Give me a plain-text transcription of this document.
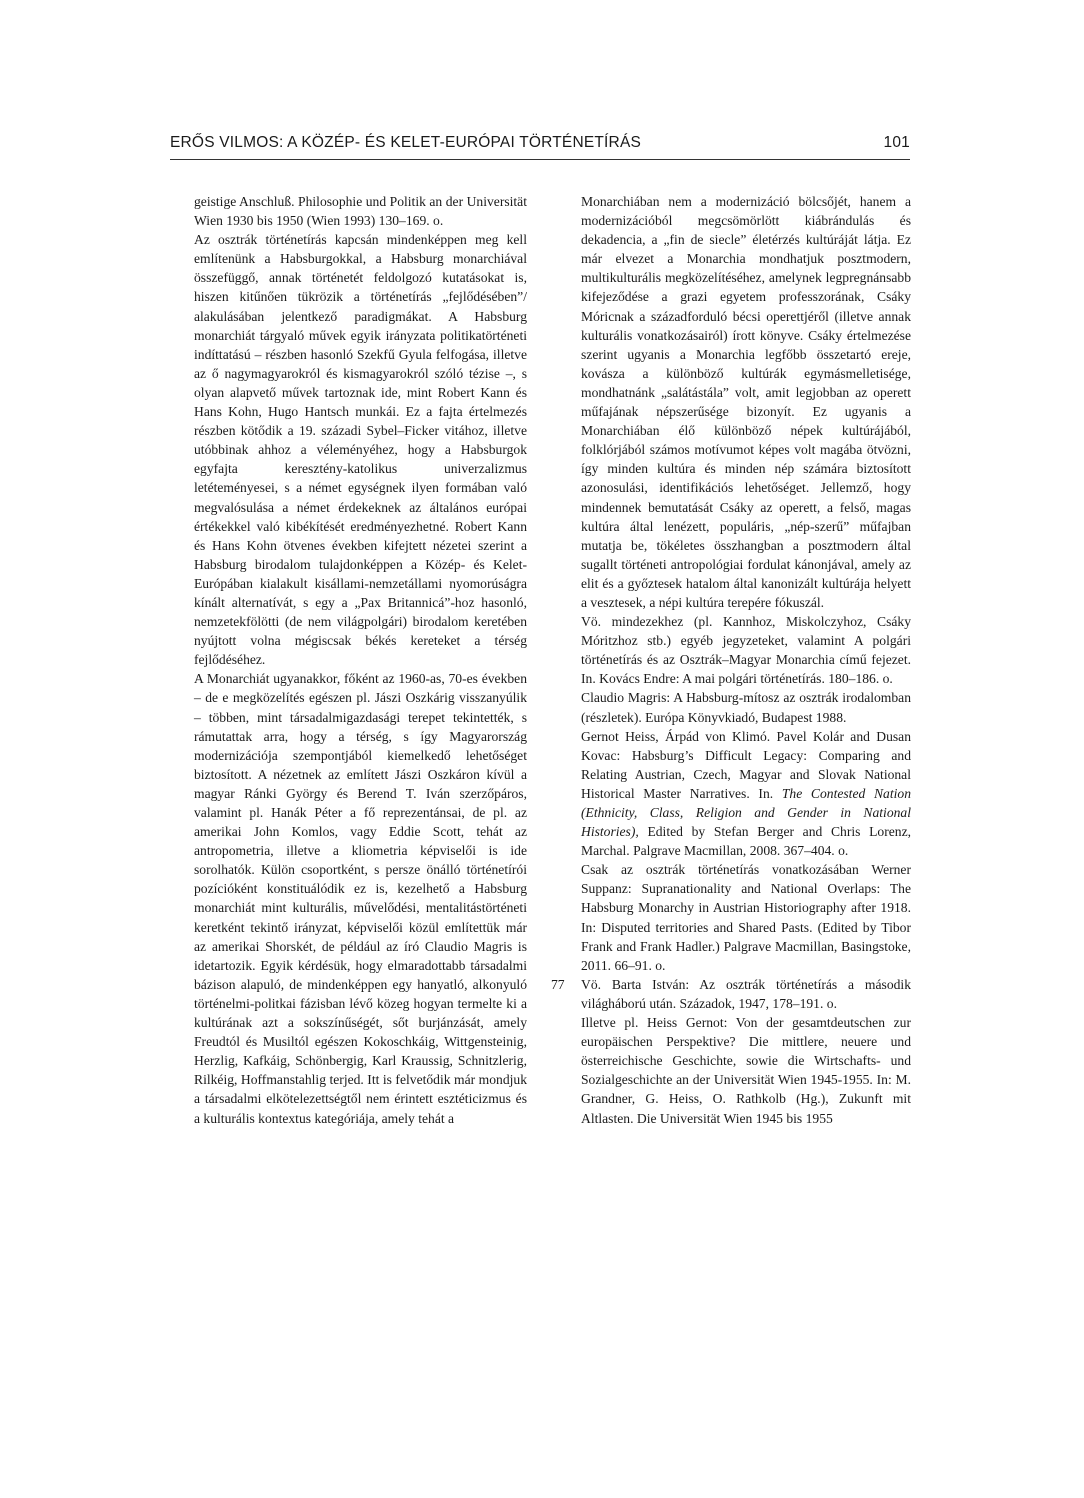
ERŐS VILMOS: A KÖZÉP- ÉS KELET-EURÓPAI TÖRTÉNETÍRÁS	101

geistige Anschluß. Philosophie und Politik an der Universität Wien 1930 bis 1950 (Wien 1993) 130–169. o.

Az osztrák történetírás kapcsán mindenképpen meg kell említenünk a Habsburgokkal, a Habsburg monarchiával összefüggő, annak történetét feldolgozó kutatásokat is, hiszen kitűnően tükrözik a történetírás „fejlődésében”/ alakulásában jelentkező paradigmákat. A Habsburg monarchiát tárgyaló művek egyik irányzata politikatörténeti indíttatású – részben hasonló Szekfű Gyula felfogása, illetve az ő nagymagyarokról és kismagyarokról szóló tézise –, s olyan alapvető művek tartoznak ide, mint Robert Kann és Hans Kohn, Hugo Hantsch munkái. Ez a fajta értelmezés részben kötődik a 19. századi Sybel–Ficker vitához, illetve utóbbinak ahhoz a véleményéhez, hogy a Habsburgok egyfajta keresztény-katolikus univerzalizmus letéteményesei, s a német egységnek ilyen formában való megvalósulása a német érdekeknek az általános európai értékekkel való kibékítését eredményezhetné. Robert Kann és Hans Kohn ötvenes években kifejtett nézetei szerint a Habsburg birodalom tulajdonképpen a Közép- és Kelet-Európában kialakult kisállami-nemzetállami nyomorúságra kínált alternatívát, s egy a „Pax Britannicá”-hoz hasonló, nemzetekfölötti (de nem világpolgári) birodalom keretében nyújtott volna mégiscsak békés kereteket a térség fejlődéséhez.

A Monarchiát ugyanakkor, főként az 1960-as, 70-es években – de e megközelítés egészen pl. Jászi Oszkárig visszanyúlik – többen, mint társadalmigazdasági terepet tekintették, s rámutattak arra, hogy a térség, s így Magyarország modernizációja szempontjából kiemelkedő lehetőséget biztosított. A nézetnek az említett Jászi Oszkáron kívül a magyar Ránki György és Berend T. Iván szerzőpáros, valamint pl. Hanák Péter a fő reprezentánsai, de pl. az amerikai John Komlos, vagy Eddie Scott, tehát az antropometria, illetve a kliometria képviselői is ide sorolhatók. Külön csoportként, s persze önálló történetírói pozícióként konstituálódik ez is, kezelhető a Habsburg monarchiát mint kulturális, művelődési, mentalitástörténeti keretként tekintő irányzat, képviselői közül említettük már az amerikai Shorskét, de például az író Claudio Magris is idetartozik. Egyik kérdésük, hogy elmaradottabb társadalmi bázison alapuló, de mindenképpen egy hanyatló, alkonyuló történelmi-politkai fázisban lévő közeg hogyan termelte ki a kultúrának azt a sokszínűségét, sőt burjánzását, amely Freudtól és Musiltól egészen Kokoschkáig, Wittgensteinig, Herzlig, Kafkáig, Schönbergig, Karl Kraussig, Schnitzlerig, Rilkéig, Hoffmanstahlig terjed. Itt is felvetődik már mondjuk a társadalmi elkötelezettségtől nem érintett esztéticizmus és a kulturális kontextus kategóriája, amely tehát a

Monarchiában nem a modernizáció bölcsőjét, hanem a modernizációból megcsömörlött kiábrándulás és dekadencia, a „fin de siecle” életérzés kultúráját látja. Ez már elvezet a Monarchia mondhatjuk posztmodern, multikulturális megközelítéséhez, amelynek legpregnánsabb kifejeződése a grazi egyetem professzorának, Csáky Móricnak a századforduló bécsi operettjéről (illetve annak kulturális vonatkozásairól) írott könyve. Csáky értelmezése szerint ugyanis a Monarchia legfőbb összetartó ereje, kovásza a különböző kultúrák egymásmelletisége, mondhatnánk „salátástála” volt, amit legjobban az operett műfajának népszerűsége bizonyít. Ez ugyanis a Monarchiában élő különböző népek kultúrájából, folklórjából számos motívumot képes volt magába ötvözni, így minden kultúra és minden nép számára biztosított azonosulási, identifikációs lehetőséget. Jellemző, hogy mindennek bemutatását Csáky az operett, a felső, magas kultúra által lenézett, populáris, „nép-szerű” műfajban mutatja be, tökéletes összhangban a posztmodern által sugallt történeti antropológiai fordulat kánonjával, amely az elit és a győztesek hatalom által kanonizált kultúrája helyett a vesztesek, a népi kultúra terepére fókuszál.

Vö. mindezekhez (pl. Kannhoz, Miskolczyhoz, Csáky Móritzhoz stb.) egyéb jegyzeteket, valamint A polgári történetírás és az Osztrák–Magyar Monarchia című fejezet. In. Kovács Endre: A mai polgári történetírás. 180–186. o.

Claudio Magris: A Habsburg-mítosz az osztrák irodalomban (részletek). Európa Könyvkiadó, Budapest 1988.

Gernot Heiss, Árpád von Klimó. Pavel Kolár and Dusan Kovac: Habsburg’s Difficult Legacy: Comparing and Relating Austrian, Czech, Magyar and Slovak National Historical Master Narratives. In. The Contested Nation (Ethnicity, Class, Religion and Gender in National Histories), Edited by Stefan Berger and Chris Lorenz, Marchal. Palgrave Macmillan, 2008. 367–404. o.

Csak az osztrák történetírás vonatkozásában Werner Suppanz: Supranationality and National Overlaps: The Habsburg Monarchy in Austrian Historiography after 1918. In: Disputed territories and Shared Pasts. (Edited by Tibor Frank and Frank Hadler.) Palgrave Macmillan, Basingstoke, 2011. 66–91. o.

77 Vö. Barta István: Az osztrák történetírás a második világháború után. Századok, 1947, 178–191. o.

Illetve pl. Heiss Gernot: Von der gesamtdeutschen zur europäischen Perspektive? Die mittlere, neuere und österreichische Geschichte, sowie die Wirtschafts- und Sozialgeschichte an der Universität Wien 1945-1955. In: M. Grandner, G. Heiss, O. Rathkolb (Hg.), Zukunft mit Altlasten. Die Universität Wien 1945 bis 1955
